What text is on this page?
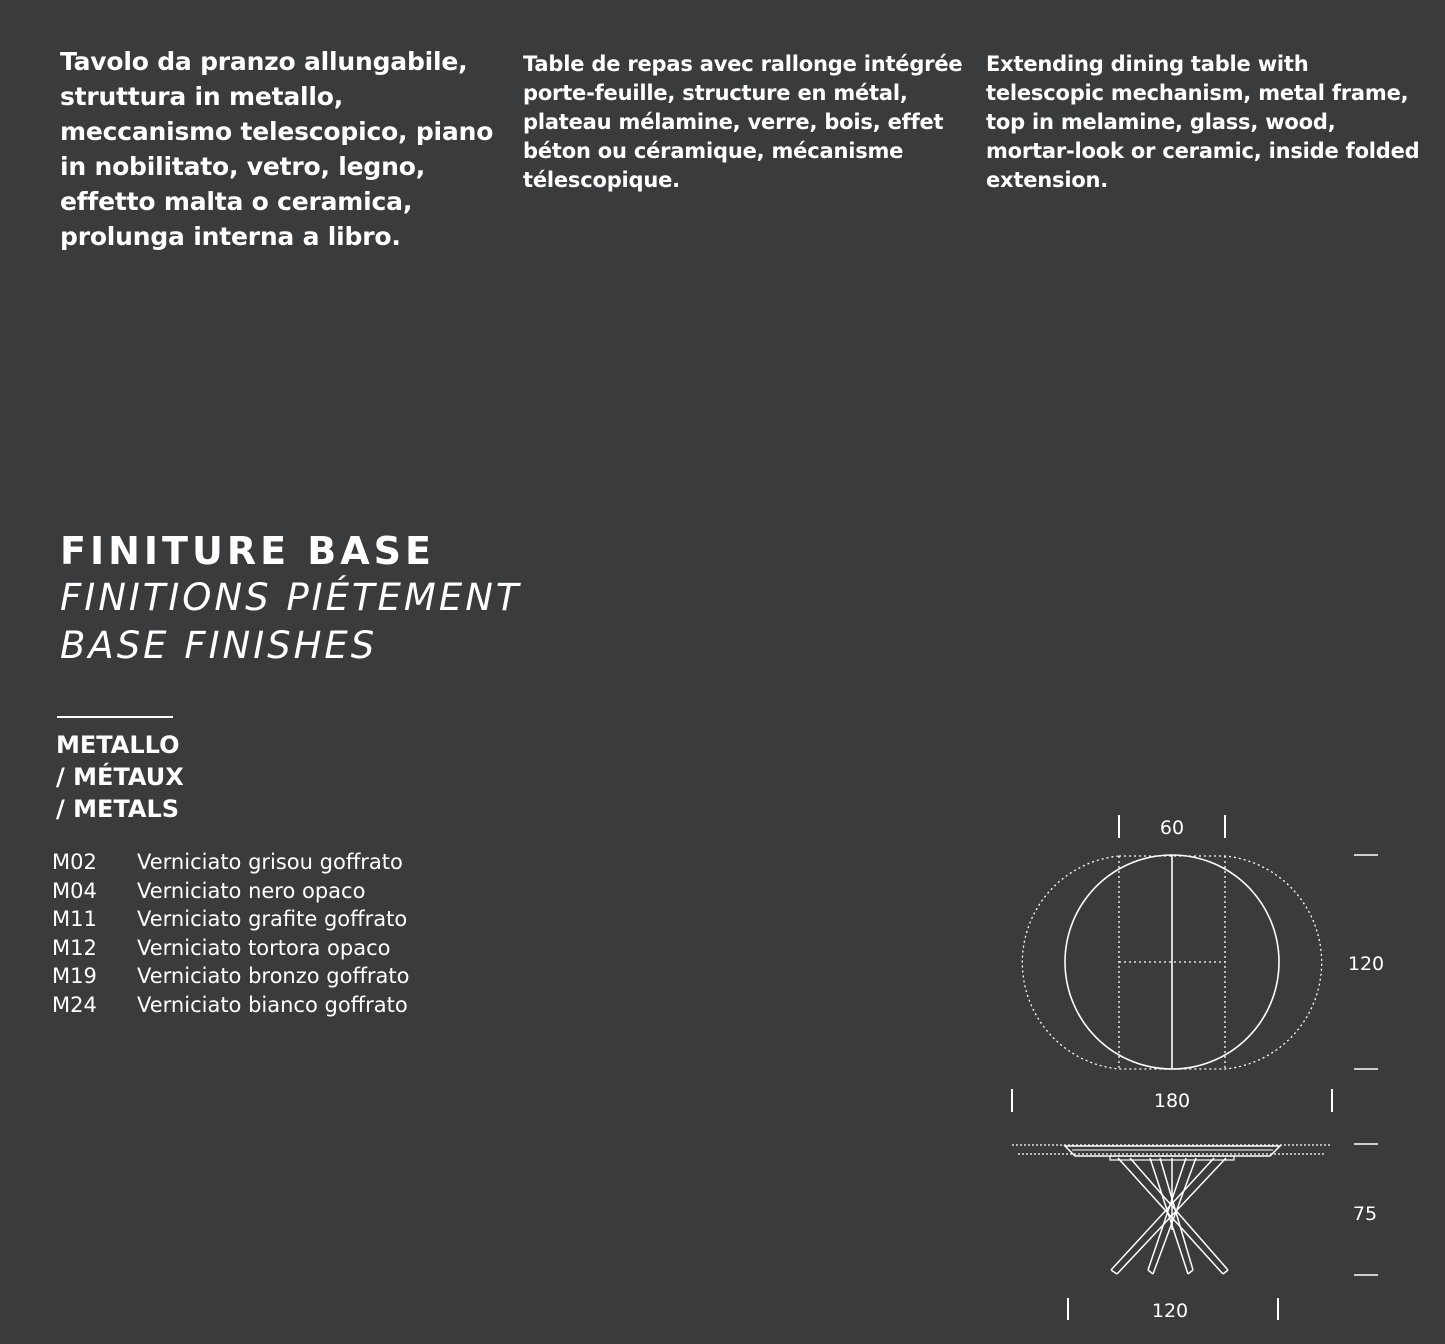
Tavolo da pranzo allungabile, struttura in metallo, meccanismo telescopico, piano in nobilitato, vetro, legno, effetto malta o ceramica, prolunga interna a libro.
Table de repas avec rallonge intégrée porte-feuille, structure en métal, plateau mélamine, verre, bois, effet béton ou céramique, mécanisme télescopique.
Extending dining table with telescopic mechanism, metal frame, top in melamine, glass, wood, mortar-look or ceramic, inside folded extension.
FINITURE BASE
FINITIONS PIÉTEMENT
BASE FINISHES
METALLO
/ MÉTAUX
/ METALS
M02	Verniciato grisou goffrato
M04	Verniciato nero opaco
M11	Verniciato grafite goffrato
M12	Verniciato tortora opaco
M19	Verniciato bronzo goffrato
M24	Verniciato bianco goffrato
60
120
180
75
120
